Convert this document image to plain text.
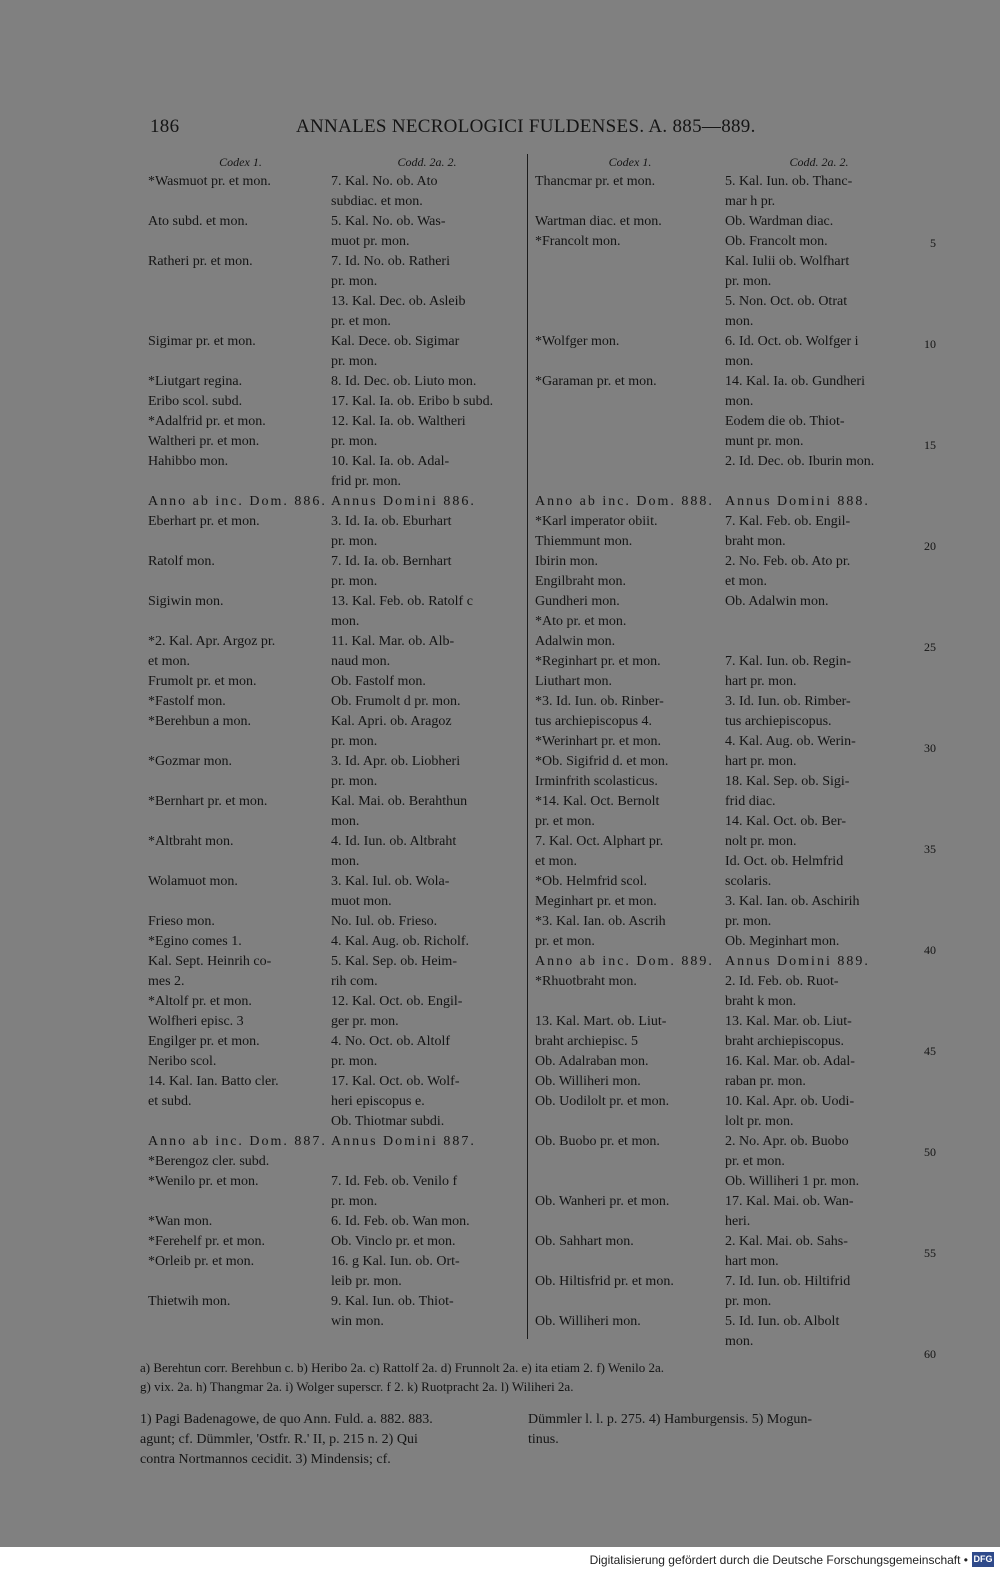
186	ANNALES NECROLOGICI FULDENSES. A. 885—889.
Codex 1.
*Wasmuot pr. et mon.
Ato subd. et mon.
Ratheri pr. et mon.
Sigimar pr. et mon.
*Liutgart regina.
Eribo scol. subd.
*Adalfrid pr. et mon.
Waltheri pr. et mon.
Hahibbo mon.
Anno ab inc. Dom. 886.
Eberhart pr. et mon.
Ratolf mon.
Sigiwin mon.
*2. Kal. Apr. Argoz pr.
et mon.
Frumolt pr. et mon.
*Fastolf mon.
*Berehbun a mon.
*Gozmar mon.
*Bernhart pr. et mon.
*Altbraht mon.
Wolamuot mon.
Frieso mon.
*Egino comes 1.
Kal. Sept. Heinrih co-
mes 2.
*Altolf pr. et mon.
Wolfheri episc. 3
Engilger pr. et mon.
Neribo scol.
14. Kal. Ian. Batto cler.
et subd.
Anno ab inc. Dom. 887.
*Berengoz cler. subd.
*Wenilo pr. et mon.
*Wan mon.
*Ferehelf pr. et mon.
*Orleib pr. et mon.
Thietwih mon.
Codd. 2a. 2.
7. Kal. No. ob. Ato
subdiac. et mon.
5. Kal. No. ob. Was-
muot pr. mon.
7. Id. No. ob. Ratheri
pr. mon.
13. Kal. Dec. ob. Asleib
pr. et mon.
Kal. Dece. ob. Sigimar
pr. mon.
8. Id. Dec. ob. Liuto mon.
17. Kal. Ia. ob. Eribo b subd.
12. Kal. Ia. ob. Waltheri
pr. mon.
10. Kal. Ia. ob. Adal-
frid pr. mon.
Annus Domini 886.
3. Id. Ia. ob. Eburhart
pr. mon.
7. Id. Ia. ob. Bernhart
pr. mon.
13. Kal. Feb. ob. Ratolf c
mon.
11. Kal. Mar. ob. Alb-
naud mon.
Ob. Fastolf mon.
Ob. Frumolt d pr. mon.
Kal. Apri. ob. Aragoz
pr. mon.
3. Id. Apr. ob. Liobheri
pr. mon.
Kal. Mai. ob. Berahthun
mon.
4. Id. Iun. ob. Altbraht
mon.
3. Kal. Iul. ob. Wola-
muot mon.
No. Iul. ob. Frieso.
4. Kal. Aug. ob. Richolf.
5. Kal. Sep. ob. Heim-
rih com.
12. Kal. Oct. ob. Engil-
ger pr. mon.
4. No. Oct. ob. Altolf
pr. mon.
17. Kal. Oct. ob. Wolf-
heri episcopus e.
Ob. Thiotmar subdi.
Annus Domini 887.
7. Id. Feb. ob. Venilo f
pr. mon.
6. Id. Feb. ob. Wan mon.
Ob. Vinclo pr. et mon.
16. g Kal. Iun. ob. Ort-
leib pr. mon.
9. Kal. Iun. ob. Thiot-
win mon.
Codex 1.
Thancmar pr. et mon.
Wartman diac. et mon.
*Francolt mon.
*Wolfger mon.
*Garaman pr. et mon.
Anno ab inc. Dom. 888.
*Karl imperator obiit.
Thiemmunt mon.
Ibirin mon.
Engilbraht mon.
Gundheri mon.
*Ato pr. et mon.
Adalwin mon.
*Reginhart pr. et mon.
Liuthart mon.
*3. Id. Iun. ob. Rinber-
tus archiepiscopus 4.
*Werinhart pr. et mon.
*Ob. Sigifrid d. et mon.
Irminfrith scolasticus.
*14. Kal. Oct. Bernolt
pr. et mon.
7. Kal. Oct. Alphart pr.
et mon.
*Ob. Helmfrid scol.
Meginhart pr. et mon.
*3. Kal. Ian. ob. Ascrih
pr. et mon.
Anno ab inc. Dom. 889.
*Rhuotbraht mon.
13. Kal. Mart. ob. Liut-
braht archiepisc. 5
Ob. Adalraban mon.
Ob. Williheri mon.
Ob. Uodilolt pr. et mon.
Ob. Buobo pr. et mon.
Ob. Wanheri pr. et mon.
Ob. Sahhart mon.
Ob. Hiltisfrid pr. et mon.
Ob. Williheri mon.
Codd. 2a. 2.
5. Kal. Iun. ob. Thanc-
mar h pr.
Ob. Wardman diac.
Ob. Francolt mon.
Kal. Iulii ob. Wolfhart
pr. mon.
5. Non. Oct. ob. Otrat
mon.
6. Id. Oct. ob. Wolfger i
mon.
14. Kal. Ia. ob. Gundheri
mon.
Eodem die ob. Thiot-
munt pr. mon.
2. Id. Dec. ob. Iburin mon.
Annus Domini 888.
7. Kal. Feb. ob. Engil-
braht mon.
2. No. Feb. ob. Ato pr.
et mon.
Ob. Adalwin mon.
7. Kal. Iun. ob. Regin-
hart pr. mon.
3. Id. Iun. ob. Rimber-
tus archiepiscopus.
4. Kal. Aug. ob. Werin-
hart pr. mon.
18. Kal. Sep. ob. Sigi-
frid diac.
14. Kal. Oct. ob. Ber-
nolt pr. mon.
Id. Oct. ob. Helmfrid
scolaris.
3. Kal. Ian. ob. Aschirih
pr. mon.
Ob. Meginhart mon.
Annus Domini 889.
2. Id. Feb. ob. Ruot-
braht k mon.
13. Kal. Mar. ob. Liut-
braht archiepiscopus.
16. Kal. Mar. ob. Adal-
raban pr. mon.
10. Kal. Apr. ob. Uodi-
lolt pr. mon.
2. No. Apr. ob. Buobo
pr. et mon.
Ob. Williheri 1 pr. mon.
17. Kal. Mai. ob. Wan-
heri.
2. Kal. Mai. ob. Sahs-
hart mon.
7. Id. Iun. ob. Hiltifrid
pr. mon.
5. Id. Iun. ob. Albolt
mon.
5
10
15
20
25
30
35
40
45
50
55
60
a) Berehtun corr. Berehbun c. b) Heribo 2a. c) Rattolf 2a. d) Frunnolt 2a. e) ita etiam 2. f) Wenilo 2a.
g) vix. 2a. h) Thangmar 2a. i) Wolger superscr. f 2. k) Ruotpracht 2a. l) Wiliheri 2a.
1) Pagi Badenagowe, de quo Ann. Fuld. a. 882. 883.
agunt; cf. Dümmler, 'Ostfr. R.' II, p. 215 n. 2) Qui
contra Nortmannos cecidit. 3) Mindensis; cf.
Dümmler l. l. p. 275. 4) Hamburgensis. 5) Mogun-
tinus.
Digitalisierung gefördert durch die Deutsche Forschungsgemeinschaft • DFG
